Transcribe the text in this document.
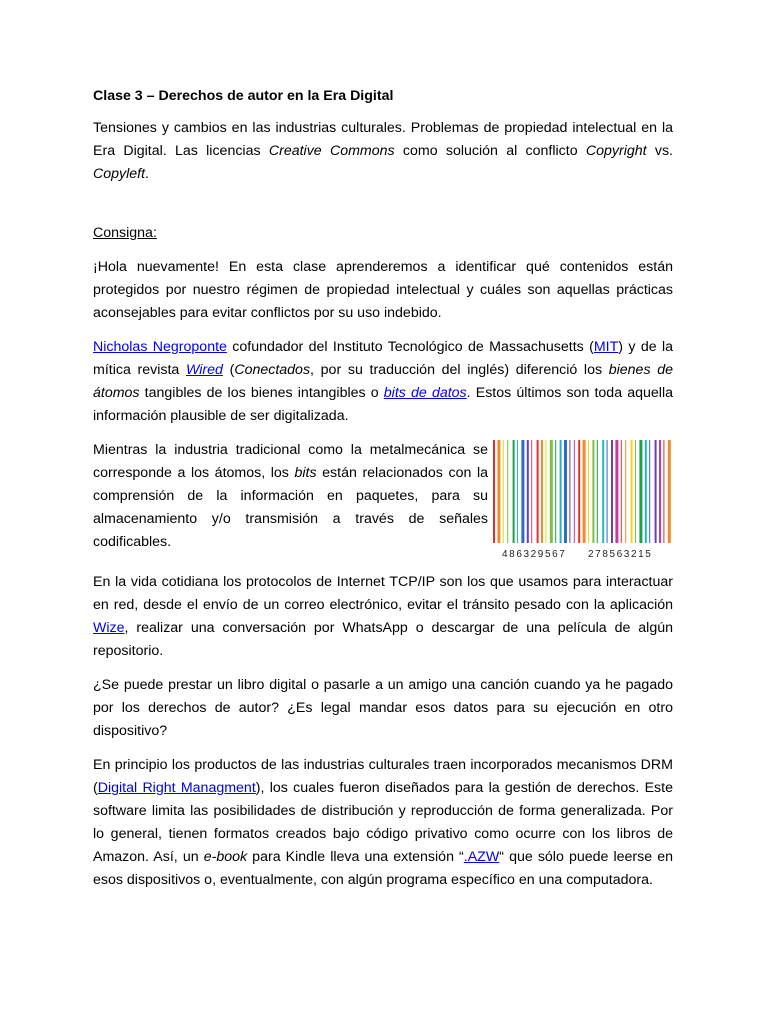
Clase 3 – Derechos de autor en la Era Digital

Tensiones y cambios en las industrias culturales. Problemas de propiedad intelectual en la Era Digital. Las licencias Creative Commons como solución al conflicto Copyright vs. Copyleft.

Consigna:

¡Hola nuevamente! En esta clase aprenderemos a identificar qué contenidos están protegidos por nuestro régimen de propiedad intelectual y cuáles son aquellas prácticas aconsejables para evitar conflictos por su uso indebido.

Nicholas Negroponte cofundador del Instituto Tecnológico de Massachusetts (MIT) y de la mítica revista Wired (Conectados, por su traducción del inglés) diferenció los bienes de átomos tangibles de los bienes intangibles o bits de datos. Estos últimos son toda aquella información plausible de ser digitalizada.

Mientras la industria tradicional como la metalmecánica se corresponde a los átomos, los bits están relacionados con la comprensión de la información en paquetes, para su almacenamiento y/o transmisión a través de señales codificables.

486329567 278563215

En la vida cotidiana los protocolos de Internet TCP/IP son los que usamos para interactuar en red, desde el envío de un correo electrónico, evitar el tránsito pesado con la aplicación Wize, realizar una conversación por WhatsApp o descargar de una película de algún repositorio.

¿Se puede prestar un libro digital o pasarle a un amigo una canción cuando ya he pagado por los derechos de autor? ¿Es legal mandar esos datos para su ejecución en otro dispositivo?

En principio los productos de las industrias culturales traen incorporados mecanismos DRM (Digital Right Managment), los cuales fueron diseñados para la gestión de derechos. Este software limita las posibilidades de distribución y reproducción de forma generalizada. Por lo general, tienen formatos creados bajo código privativo como ocurre con los libros de Amazon. Así, un e-book para Kindle lleva una extensión “.AZW“ que sólo puede leerse en esos dispositivos o, eventualmente, con algún programa específico en una computadora.
